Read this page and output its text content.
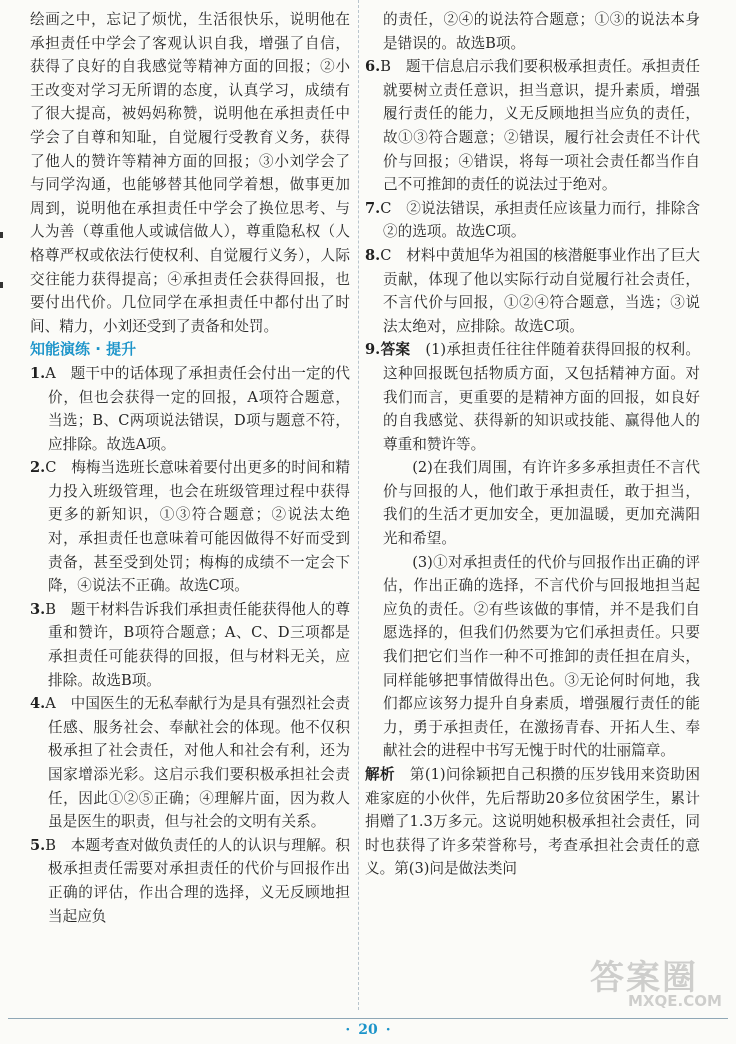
绘画之中，忘记了烦忧，生活很快乐，说明他在承担责任中学会了客观认识自我，增强了自信，获得了良好的自我感觉等精神方面的回报；②小王改变对学习无所谓的态度，认真学习，成绩有了很大提高，被妈妈称赞，说明他在承担责任中学会了自尊和知耻，自觉履行受教育义务，获得了他人的赞许等精神方面的回报；③小刘学会了与同学沟通，也能够替其他同学着想，做事更加周到，说明他在承担责任中学会了换位思考、与人为善（尊重他人或诚信做人），尊重隐私权（人格尊严权或依法行使权利、自觉履行义务），人际交往能力获得提高；④承担责任会获得回报，也要付出代价。几位同学在承担责任中都付出了时间、精力，小刘还受到了责备和处罚。

知能演练 · 提升

1.A　 题干中的话体现了承担责任会付出一定的代价，但也会获得一定的回报，A项符合题意，当选；B、C两项说法错误，D项与题意不符，应排除。故选A项。

2.C　 梅梅当选班长意味着要付出更多的时间和精力投入班级管理，也会在班级管理过程中获得更多的新知识，①③符合题意；②说法太绝对，承担责任也意味着可能因做得不好而受到责备，甚至受到处罚；梅梅的成绩不一定会下降，④说法不正确。故选C项。

3.B　 题干材料告诉我们承担责任能获得他人的尊重和赞许，B项符合题意；A、C、D三项都是承担责任可能获得的回报，但与材料无关，应排除。故选B项。

4.A　 中国医生的无私奉献行为是具有强烈社会责任感、服务社会、奉献社会的体现。他不仅积极承担了社会责任，对他人和社会有利，还为国家增添光彩。这启示我们要积极承担社会责任，因此①②⑤正确；④理解片面，因为救人虽是医生的职责，但与社会的文明有关系。

5.B　 本题考查对做负责任的人的认识与理解。积极承担责任需要对承担责任的代价与回报作出正确的评估，作出合理的选择，义无反顾地担当起应负

的责任，②④的说法符合题意；①③的说法本身是错误的。故选B项。

6.B　 题干信息启示我们要积极承担责任。承担责任就要树立责任意识，担当意识，提升素质，增强履行责任的能力，义无反顾地担当应负的责任，故①③符合题意；②错误，履行社会责任不计代价与回报；④错误，将每一项社会责任都当作自己不可推卸的责任的说法过于绝对。

7.C　 ②说法错误，承担责任应该量力而行，排除含②的选项。故选C项。

8.C　 材料中黄旭华为祖国的核潜艇事业作出了巨大贡献，体现了他以实际行动自觉履行社会责任，不言代价与回报，①②④符合题意，当选；③说法太绝对，应排除。故选C项。

9.答案　 (1)承担责任往往伴随着获得回报的权利。这种回报既包括物质方面，又包括精神方面。对我们而言，更重要的是精神方面的回报，如良好的自我感觉、获得新的知识或技能、赢得他人的尊重和赞许等。

(2)在我们周围，有许许多多承担责任不言代价与回报的人，他们敢于承担责任，敢于担当，我们的生活才更加安全，更加温暖，更加充满阳光和希望。

(3)①对承担责任的代价与回报作出正确的评估，作出正确的选择，不言代价与回报地担当起应负的责任。②有些该做的事情，并不是我们自愿选择的，但我们仍然要为它们承担责任。只要我们把它们当作一种不可推卸的责任担在肩头，同样能够把事情做得出色。③无论何时何地，我们都应该努力提升自身素质，增强履行责任的能力，勇于承担责任，在激扬青春、开拓人生、奉献社会的进程中书写无愧于时代的壮丽篇章。

解析　 第(1)问徐颖把自己积攒的压岁钱用来资助困难家庭的小伙伴，先后帮助20多位贫困学生，累计捐赠了1.3万多元。这说明她积极承担社会责任，同时也获得了许多荣誉称号，考查承担社会责任的意义。第(3)问是做法类问

答案圈
MXQE.COM
· 20 ·
